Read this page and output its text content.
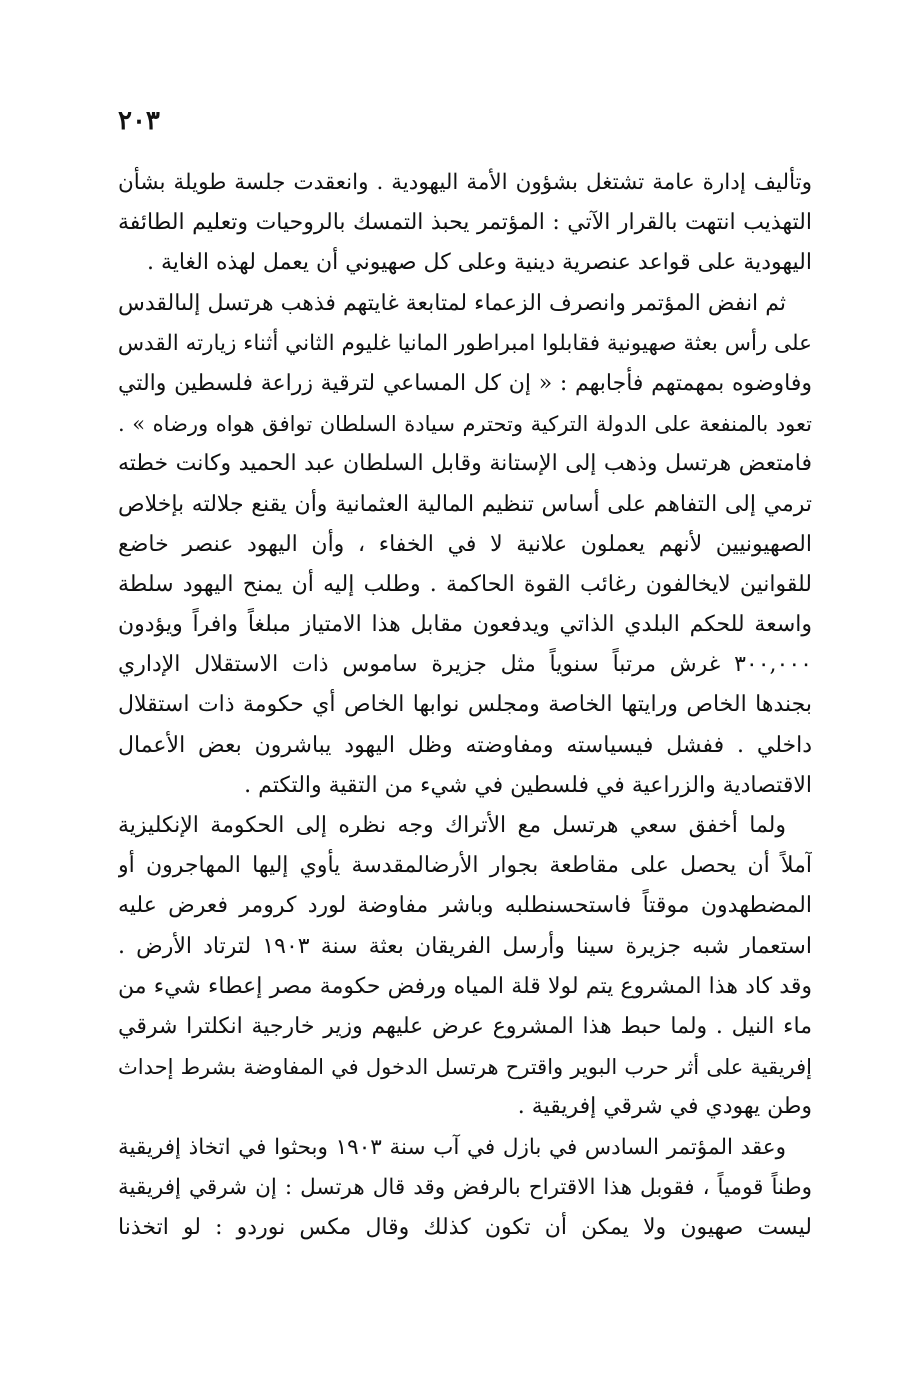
٢٠٣
وتأليف إدارة عامة تشتغل بشؤون الأمة اليهودية . وانعقدت جلسة طويلة بشأن
التهذيب انتهت بالقرار الآتي : المؤتمر يحبذ التمسك بالروحيات وتعليم الطائفة
اليهودية على قواعد عنصرية دينية وعلى كل صهيوني أن يعمل لهذه الغاية .
ثم انفض المؤتمر وانصرف الزعماء لمتابعة غايتهم فذهب هرتسل إلىالقدس
على رأس بعثة صهيونية فقابلوا امبراطور المانيا غليوم الثاني أثناء زيارته القدس
وفاوضوه بمهمتهم فأجابهم : « إن كل المساعي لترقية زراعة فلسطين والتي
تعود بالمنفعة على الدولة التركية وتحترم سيادة السلطان توافق هواه ورضاه » .
فامتعض هرتسل وذهب إلى الإستانة وقابل السلطان عبد الحميد وكانت خطته
ترمي إلى التفاهم على أساس تنظيم المالية العثمانية وأن يقنع جلالته بإخلاص
الصهيونيين لأنهم يعملون علانية لا في الخفاء ، وأن اليهود عنصر خاضع
للقوانين لايخالفون رغائب القوة الحاكمة . وطلب إليه أن يمنح اليهود سلطة
واسعة للحكم البلدي الذاتي ويدفعون مقابل هذا الامتياز مبلغاً وافراً ويؤدون
٣٠٠,٠٠٠ غرش مرتباً سنوياً مثل جزيرة ساموس ذات الاستقلال الإداري
بجندها الخاص ورايتها الخاصة ومجلس نوابها الخاص أي حكومة ذات استقلال
داخلي . ففشل فيسياسته ومفاوضته وظل اليهود يباشرون بعض الأعمال
الاقتصادية والزراعية في فلسطين في شيء من التقية والتكتم .
ولما أخفق سعي هرتسل مع الأتراك وجه نظره إلى الحكومة الإنكليزية
آملاً أن يحصل على مقاطعة بجوار الأرضالمقدسة يأوي إليها المهاجرون أو
المضطهدون موقتاً فاستحسنطلبه وباشر مفاوضة لورد كرومر فعرض عليه
استعمار شبه جزيرة سينا وأرسل الفريقان بعثة سنة ١٩٠٣ لترتاد الأرض .
وقد كاد هذا المشروع يتم لولا قلة المياه ورفض حكومة مصر إعطاء شيء من
ماء النيل . ولما حبط هذا المشروع عرض عليهم وزير خارجية انكلترا شرقي
إفريقية على أثر حرب البوير واقترح هرتسل الدخول في المفاوضة بشرط إحداث
وطن يهودي في شرقي إفريقية .
وعقد المؤتمر السادس في بازل في آب سنة ١٩٠٣ وبحثوا في اتخاذ إفريقية
وطناً قومياً ، فقوبل هذا الاقتراح بالرفض وقد قال هرتسل : إن شرقي إفريقية
ليست صهيون ولا يمكن أن تكون كذلك وقال مكس نوردو : لو اتخذنا
